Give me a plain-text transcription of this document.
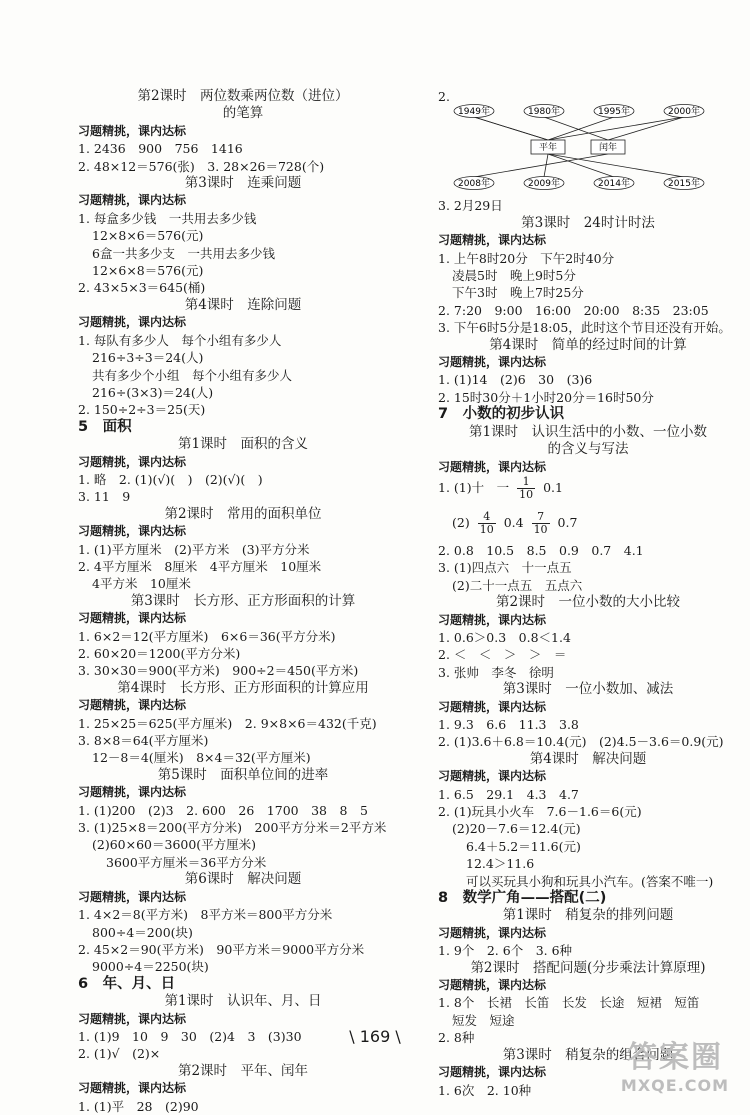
第2课时　两位数乘两位数（进位）
的笔算
习题精挑，课内达标
1. 2436　900　756　1416
2. 48×12＝576(张)　3. 28×26＝728(个)
第3课时　连乘问题
习题精挑，课内达标
1. 每盒多少钱　一共用去多少钱
12×8×6＝576(元)
6盒一共多少支　一共用去多少钱
12×6×8＝576(元)
2. 43×5×3＝645(桶)
第4课时　连除问题
习题精挑，课内达标
1. 每队有多少人　每个小组有多少人
216÷3÷3＝24(人)
共有多少个小组　每个小组有多少人
216÷(3×3)＝24(人)
2. 150÷2÷3＝25(天)
5　面积
第1课时　面积的含义
习题精挑，课内达标
1. 略　2. (1)(√)(　)　(2)(√)(　)
3. 11　9
第2课时　常用的面积单位
习题精挑，课内达标
1. (1)平方厘米　(2)平方米　(3)平方分米
2. 4平方厘米　8厘米　4平方厘米　10厘米
4平方米　10厘米
第3课时　长方形、正方形面积的计算
习题精挑，课内达标
1. 6×2＝12(平方厘米)　6×6＝36(平方分米)
2. 60×20＝1200(平方分米)
3. 30×30＝900(平方米)　900÷2＝450(平方米)
第4课时　长方形、正方形面积的计算应用
习题精挑，课内达标
1. 25×25＝625(平方厘米)　2. 9×8×6＝432(千克)
3. 8×8＝64(平方厘米)
12－8＝4(厘米)　8×4＝32(平方厘米)
第5课时　面积单位间的进率
习题精挑，课内达标
1. (1)200　(2)3　2. 600　26　1700　38　8　5
3. (1)25×8＝200(平方分米)　200平方分米＝2平方米
(2)60×60＝3600(平方厘米)
3600平方厘米＝36平方分米
第6课时　解决问题
习题精挑，课内达标
1. 4×2＝8(平方米)　8平方米＝800平方分米
800÷4＝200(块)
2. 45×2＝90(平方米)　90平方米＝9000平方分米
9000÷4＝2250(块)
6　年、月、日
第1课时　认识年、月、日
习题精挑，课内达标
1. (1)9　10　9　30　(2)4　3　(3)30
2. (1)√　(2)×
第2课时　平年、闰年
习题精挑，课内达标
1. (1)平　28　(2)90
2.
1949年	1980年	1995年	2000年
2008年	2009年	2014年	2015年
平年	闰年
3. 2月29日
第3课时　24时计时法
习题精挑，课内达标
1. 上午8时20分　下午2时40分
凌晨5时　晚上9时5分
下午3时　晚上7时25分
2. 7:20　9:00　16:00　20:00　8:35　23:05
3. 下午6时5分是18:05，此时这个节目还没有开始。
第4课时　简单的经过时间的计算
习题精挑，课内达标
1. (1)14　(2)6　30　(3)6
2. 15时30分＋1小时20分＝16时50分
7　小数的初步认识
第1课时　认识生活中的小数、一位小数
的含义与写法
习题精挑，课内达标
1. (1)十　一 $\frac{1}{10} 0.1$
$(2) \frac{4}{10} 0.4 \frac{7}{10} 0.7$
2. 0.8　10.5　8.5　0.9　0.7　4.1
3. (1)四点六　十一点五
(2)二十一点五　五点六
第2课时　一位小数的大小比较
习题精挑，课内达标
1. 0.6＞0.3　0.8＜1.4
2. ＜　＜　＞　＞　＝
3. 张帅　李冬　徐明
第3课时　一位小数加、减法
习题精挑，课内达标
1. 9.3　6.6　11.3　3.8
2. (1)3.6＋6.8＝10.4(元)　(2)4.5－3.6＝0.9(元)
第4课时　解决问题
习题精挑，课内达标
1. 6.5　29.1　4.3　4.7
2. (1)玩具小火车　7.6－1.6＝6(元)
(2)20－7.6＝12.4(元)
6.4＋5.2＝11.6(元)
12.4＞11.6
可以买玩具小狗和玩具小汽车。(答案不唯一)
8　数学广角——搭配(二)
第1课时　稍复杂的排列问题
习题精挑，课内达标
1. 9个　2. 6个　3. 6种
第2课时　搭配问题(分步乘法计算原理)
习题精挑，课内达标
1. 8个　长裙　长笛　长发　长途　短裙　短笛
短发　短途
2. 8种
第3课时　稍复杂的组合问题
习题精挑，课内达标
1. 6次　2. 10种
\ 169 \
答案圈
MXQE.COM
